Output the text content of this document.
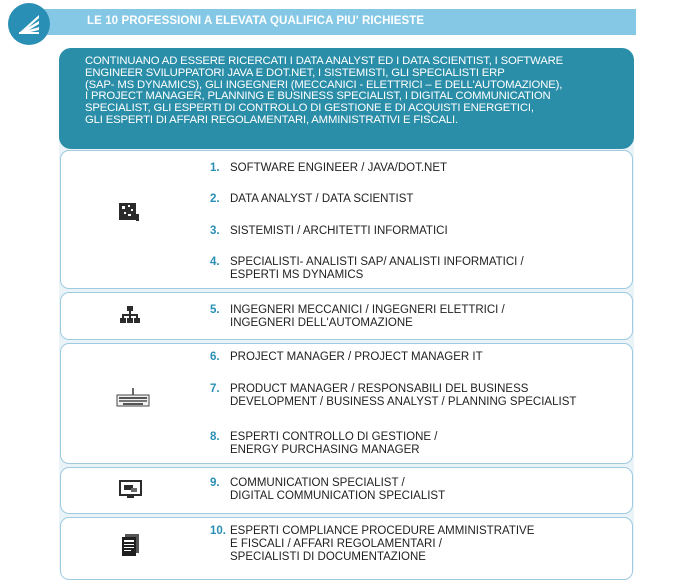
LE 10 PROFESSIONI A ELEVATA QUALIFICA PIU' RICHIESTE
CONTINUANO AD ESSERE RICERCATI I DATA ANALYST ED I DATA SCIENTIST, I SOFTWARE
ENGINEER SVILUPPATORI JAVA E DOT.NET, I SISTEMISTI, GLI SPECIALISTI ERP
(SAP- MS DYNAMICS), GLI INGEGNERI (MECCANICI - ELETTRICI – E DELL'AUTOMAZIONE),
I PROJECT MANAGER, PLANNING E BUSINESS SPECIALIST, I DIGITAL COMMUNICATION
SPECIALIST, GLI ESPERTI DI CONTROLLO DI GESTIONE E DI ACQUISTI ENERGETICI,
GLI ESPERTI DI AFFARI REGOLAMENTARI, AMMINISTRATIVI E FISCALI.
1. SOFTWARE ENGINEER / JAVA/DOT.NET
2. DATA ANALYST / DATA SCIENTIST
3. SISTEMISTI / ARCHITETTI INFORMATICI
4. SPECIALISTI- ANALISTI SAP/ ANALISTI INFORMATICI /
ESPERTI MS DYNAMICS
5. INGEGNERI MECCANICI / INGEGNERI ELETTRICI /
INGEGNERI DELL'AUTOMAZIONE
6. PROJECT MANAGER / PROJECT MANAGER IT
7. PRODUCT MANAGER / RESPONSABILI DEL BUSINESS
DEVELOPMENT / BUSINESS ANALYST / PLANNING SPECIALIST
8. ESPERTI CONTROLLO DI GESTIONE /
ENERGY PURCHASING MANAGER
9. COMMUNICATION SPECIALIST /
DIGITAL COMMUNICATION SPECIALIST
10. ESPERTI COMPLIANCE PROCEDURE AMMINISTRATIVE
E FISCALI / AFFARI REGOLAMENTARI /
SPECIALISTI DI DOCUMENTAZIONE
